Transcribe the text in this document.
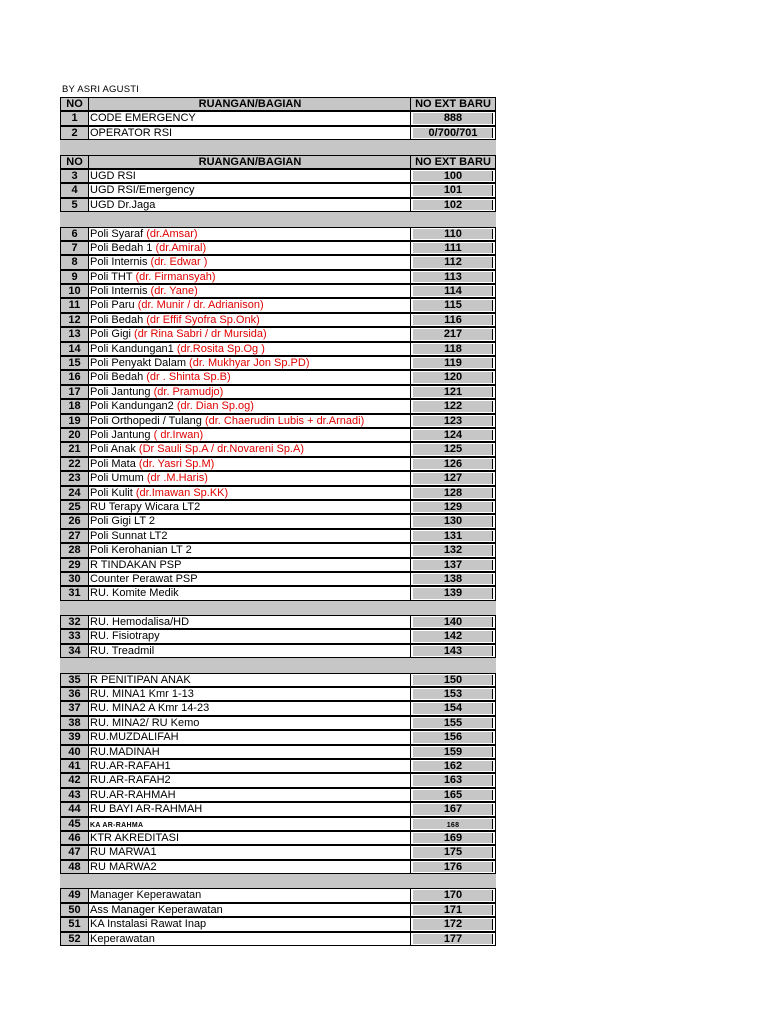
BY ASRI AGUSTI
NO	RUANGAN/BAGIAN	NO EXT BARU
1	CODE EMERGENCY	888
2	OPERATOR RSI	0/700/701
NO	RUANGAN/BAGIAN	NO EXT BARU
3	UGD RSI	100
4	UGD RSI/Emergency	101
5	UGD Dr.Jaga	102
6	Poli Syaraf (dr.Amsar)	110
7	Poli Bedah 1 (dr.Amiral)	111
8	Poli Internis (dr. Edwar )	112
9	Poli THT (dr. Firmansyah)	113
10 Poli Internis (dr. Yane)	114
11 Poli Paru (dr. Munir / dr. Adrianison)	115
12 Poli Bedah (dr Effif Syofra Sp.Onk)	116
13 Poli Gigi (dr Rina Sabri / dr Mursida)	217
14 Poli Kandungan1 (dr.Rosita Sp.Og )	118
15 Poli Penyakt Dalam (dr. Mukhyar Jon Sp.PD)	119
16 Poli Bedah (dr . Shinta Sp.B)	120
17 Poli Jantung (dr. Pramudjo)	121
18 Poli Kandungan2 (dr. Dian Sp.og)	122
19 Poli Orthopedi / Tulang (dr. Chaerudin Lubis + dr.Arnadi)	123
20 Poli Jantung ( dr.Irwan)	124
21 Poli Anak (Dr Sauli Sp.A / dr.Novareni Sp.A)	125
22 Poli Mata (dr. Yasri Sp.M)	126
23 Poli Umum (dr .M.Haris)	127
24 Poli Kulit (dr.Imawan Sp.KK)	128
25 RU Terapy Wicara LT2	129
26 Poli Gigi LT 2	130
27 Poli Sunnat LT2	131
28 Poli Kerohanian LT 2	132
29 R TINDAKAN PSP	137
30 Counter Perawat PSP	138
31 RU. Komite Medik	139
32 RU. Hemodalisa/HD	140
33 RU. Fisiotrapy	142
34 RU. Treadmil	143
35 R PENITIPAN ANAK	150
36 RU. MINA1 Kmr 1-13	153
37 RU. MINA2 A Kmr 14-23	154
38 RU. MINA2/ RU Kemo	155
39 RU.MUZDALIFAH	156
40 RU.MADINAH	159
41 RU.AR-RAFAH1	162
42 RU.AR-RAFAH2	163
43 RU.AR-RAHMAH	165
44 RU BAYI AR-RAHMAH	167
45	KA AR-RAHMA	168
46 KTR AKREDITASI	169
47 RU MARWA1	175
48 RU MARWA2	176
49 Manager Keperawatan	170
50 Ass Manager Keperawatan	171
51 KA Instalasi Rawat Inap	172
52 Keperawatan	177
